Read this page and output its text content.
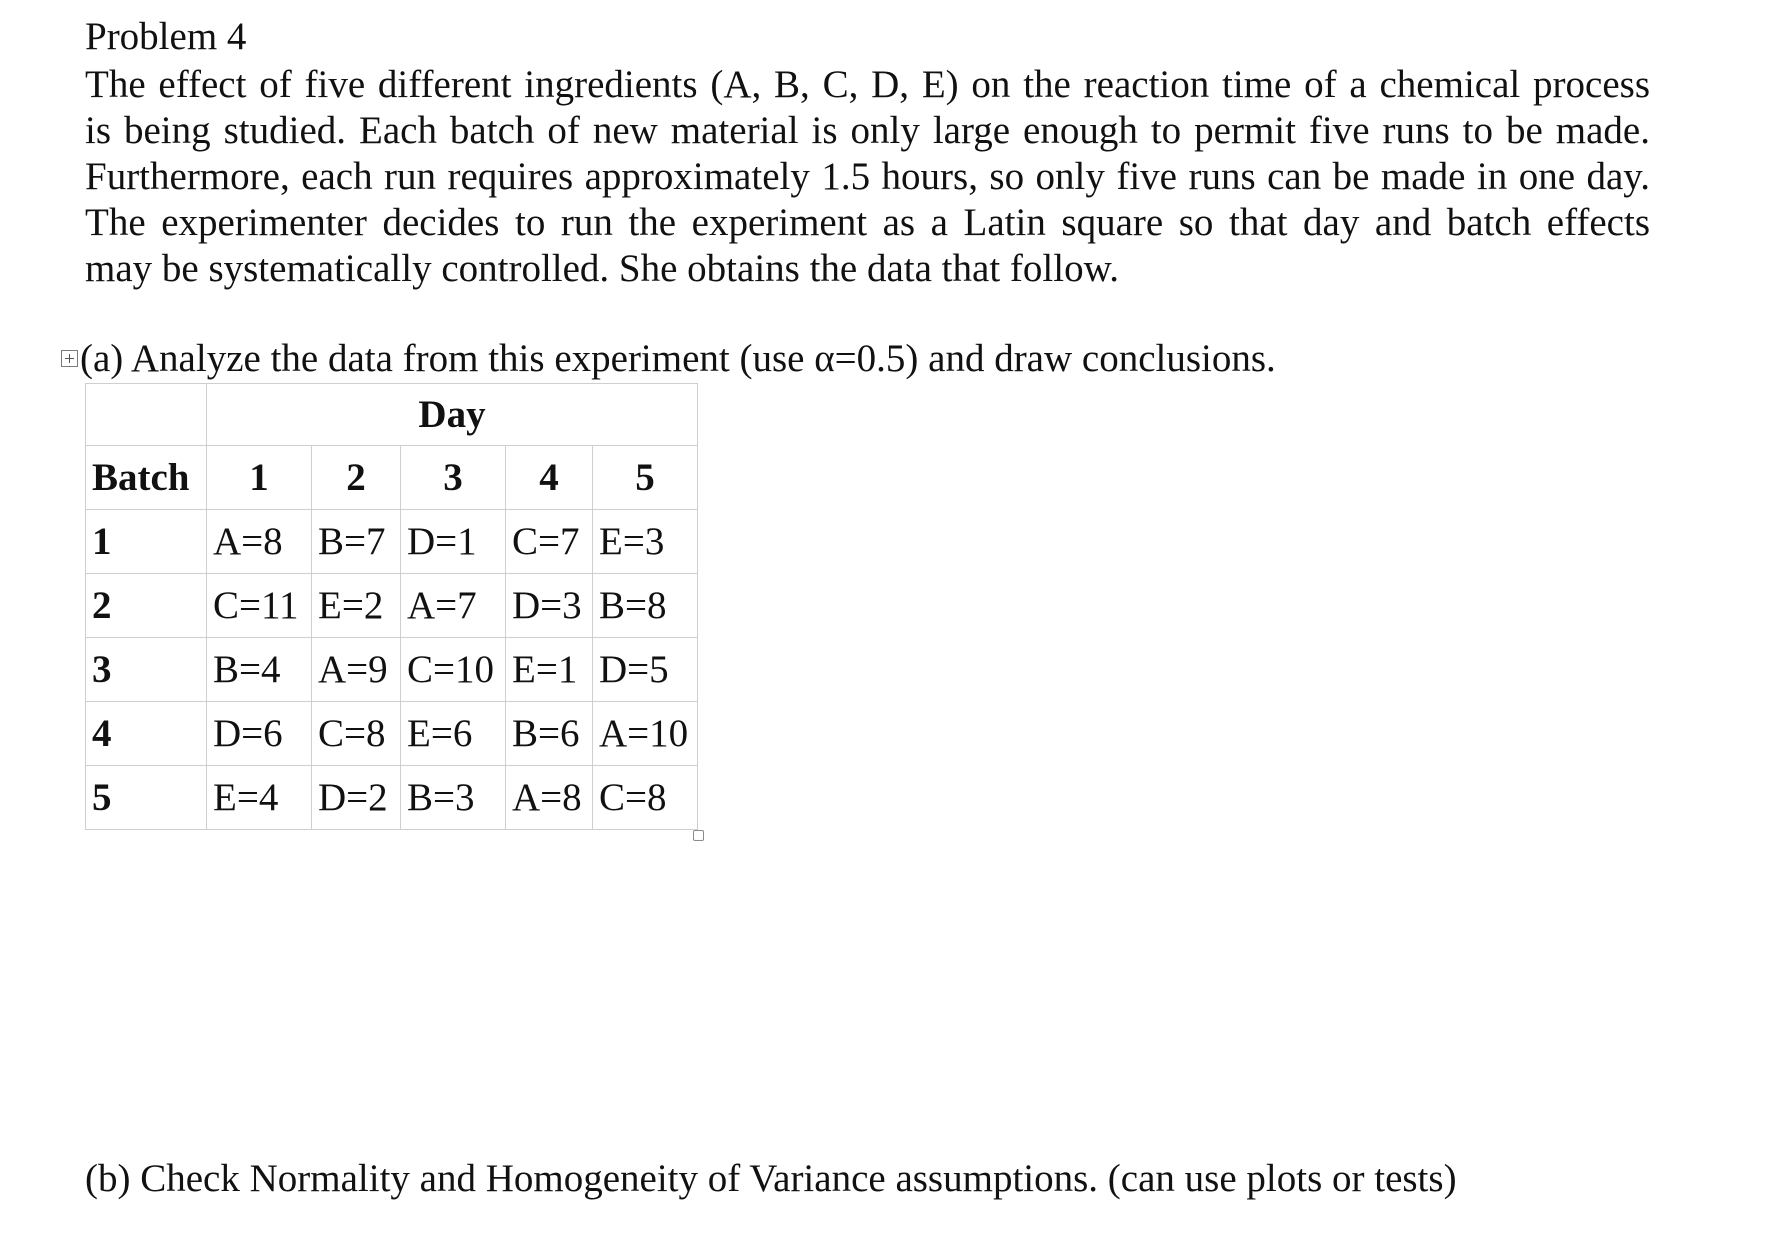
Problem 4
The effect of five different ingredients (A, B, C, D, E) on the reaction time of a chemical process
is being studied. Each batch of new material is only large enough to permit five runs to be made.
Furthermore, each run requires approximately 1.5 hours, so only five runs can be made in one day.
The experimenter decides to run the experiment as a Latin square so that day and batch effects
may be systematically controlled. She obtains the data that follow.
(a) Analyze the data from this experiment (use α=0.5) and draw conclusions.
	Day				
Batch	1	2	3	4	5
1	A=8	B=7	D=1	C=7	E=3
2	C=11	E=2	A=7	D=3	B=8
3	B=4	A=9	C=10	E=1	D=5
4	D=6	C=8	E=6	B=6	A=10
5	E=4	D=2	B=3	A=8	C=8
(b) Check Normality and Homogeneity of Variance assumptions. (can use plots or tests)
